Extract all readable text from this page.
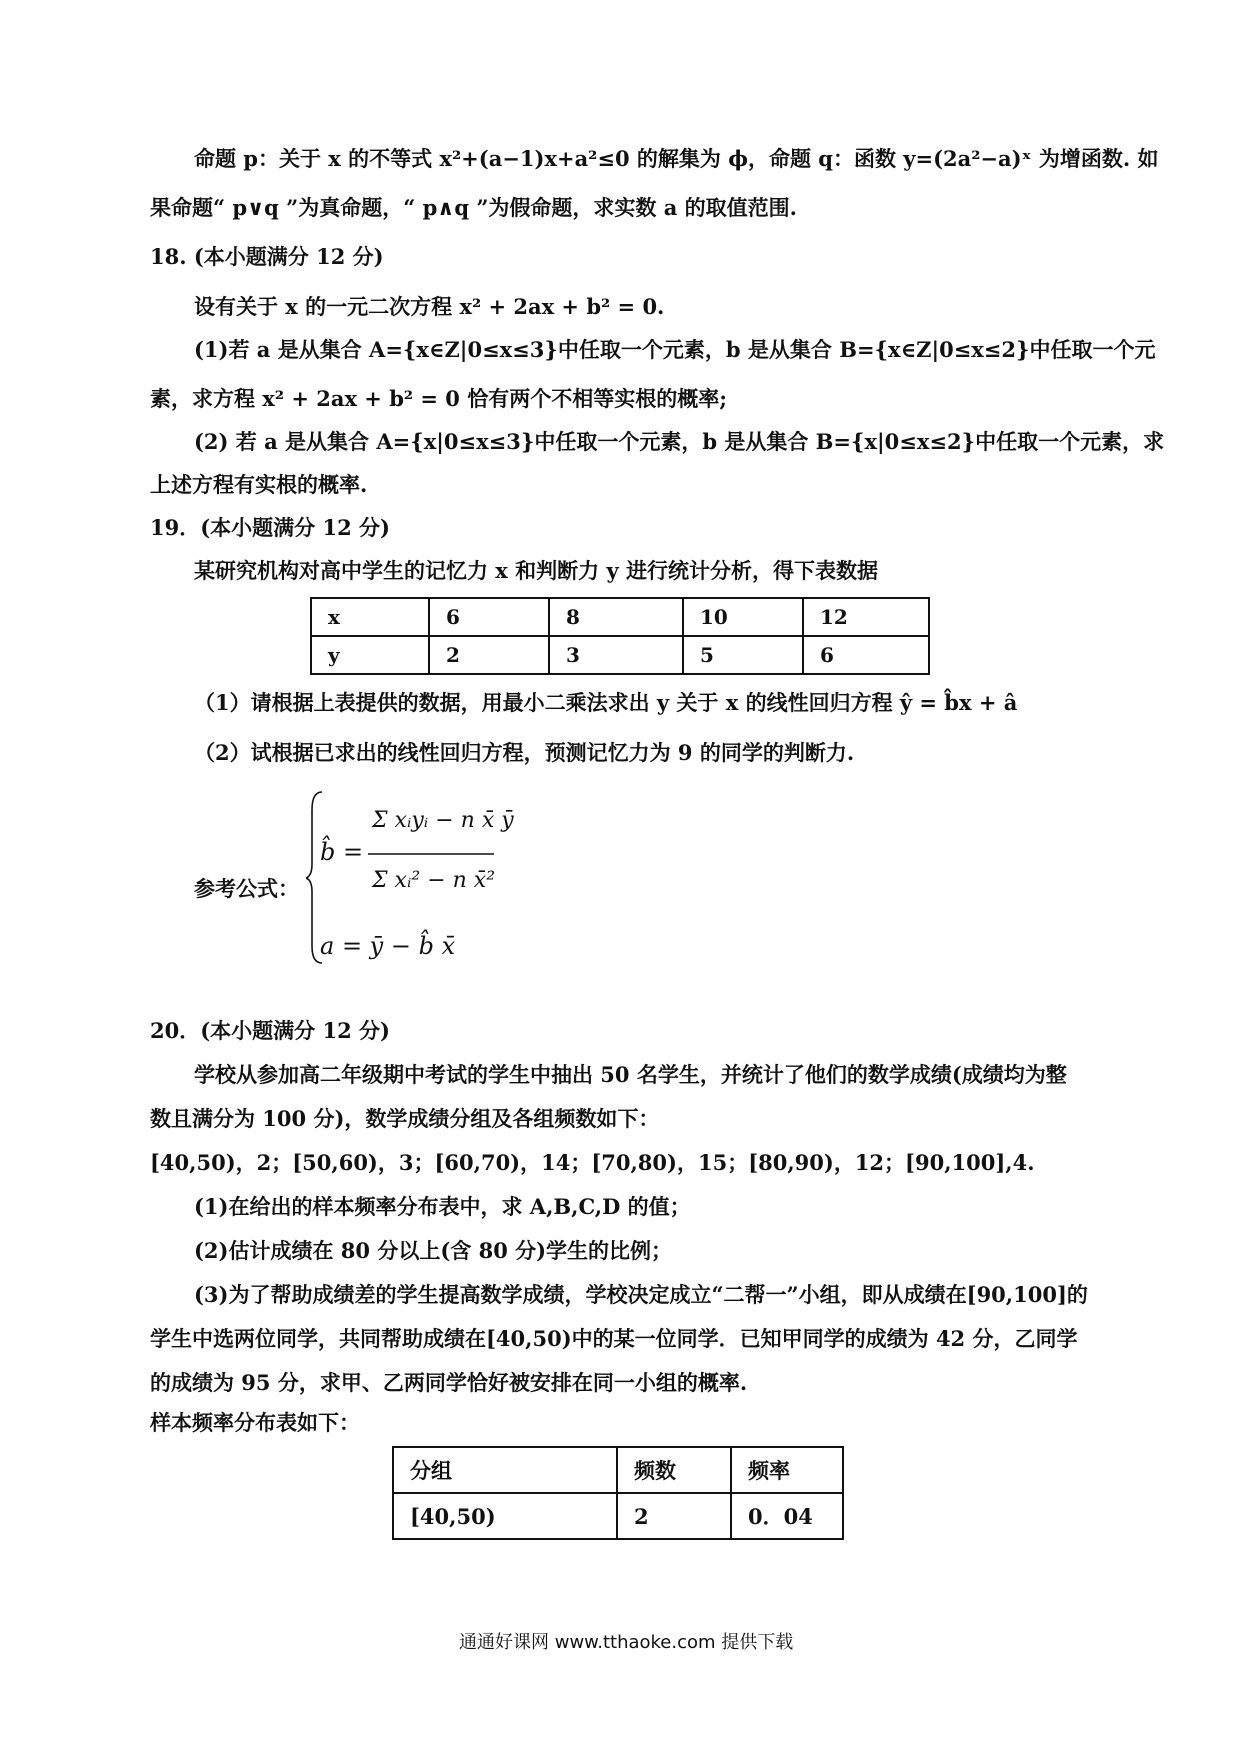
命题 p：关于 x 的不等式 x²+(a−1)x+a²≤0 的解集为 ϕ，命题 q：函数 y=(2a²−a)ˣ 为增函数. 如
果命题“ p∨q ”为真命题，“ p∧q ”为假命题，求实数 a 的取值范围.
18. (本小题满分 12 分)
设有关于 x 的一元二次方程 x² + 2ax + b² = 0.
(1)若 a 是从集合 A={x∈Z|0≤x≤3}中任取一个元素，b 是从集合 B={x∈Z|0≤x≤2}中任取一个元
素，求方程 x² + 2ax + b² = 0 恰有两个不相等实根的概率;
(2) 若 a 是从集合 A={x|0≤x≤3}中任取一个元素，b 是从集合 B={x|0≤x≤2}中任取一个元素，求
上述方程有实根的概率.
19．(本小题满分 12 分)
某研究机构对高中学生的记忆力 x 和判断力 y 进行统计分析，得下表数据
x	6	8	10	12
y	2	3	5	6
（1）请根据上表提供的数据，用最小二乘法求出 y 关于 x 的线性回归方程 ŷ = b̂x + â
（2）试根据已求出的线性回归方程，预测记忆力为 9 的同学的判断力.
参考公式：
b̂ =
Σ xᵢyᵢ − n x̄ ȳ
Σ xᵢ² − n x̄²
a = ȳ − b̂ x̄
20．(本小题满分 12 分)
学校从参加高二年级期中考试的学生中抽出 50 名学生，并统计了他们的数学成绩(成绩均为整
数且满分为 100 分)，数学成绩分组及各组频数如下：
[40,50)，2；[50,60)，3；[60,70)，14；[70,80)，15；[80,90)，12；[90,100],4.
(1)在给出的样本频率分布表中，求 A,B,C,D 的值；
(2)估计成绩在 80 分以上(含 80 分)学生的比例；
(3)为了帮助成绩差的学生提高数学成绩，学校决定成立“二帮一”小组，即从成绩在[90,100]的
学生中选两位同学，共同帮助成绩在[40,50)中的某一位同学．已知甲同学的成绩为 42 分，乙同学
的成绩为 95 分，求甲、乙两同学恰好被安排在同一小组的概率.
样本频率分布表如下：
分组	频数	频率
[40,50)	2	0．04
通通好课网 www.tthaoke.com 提供下载
